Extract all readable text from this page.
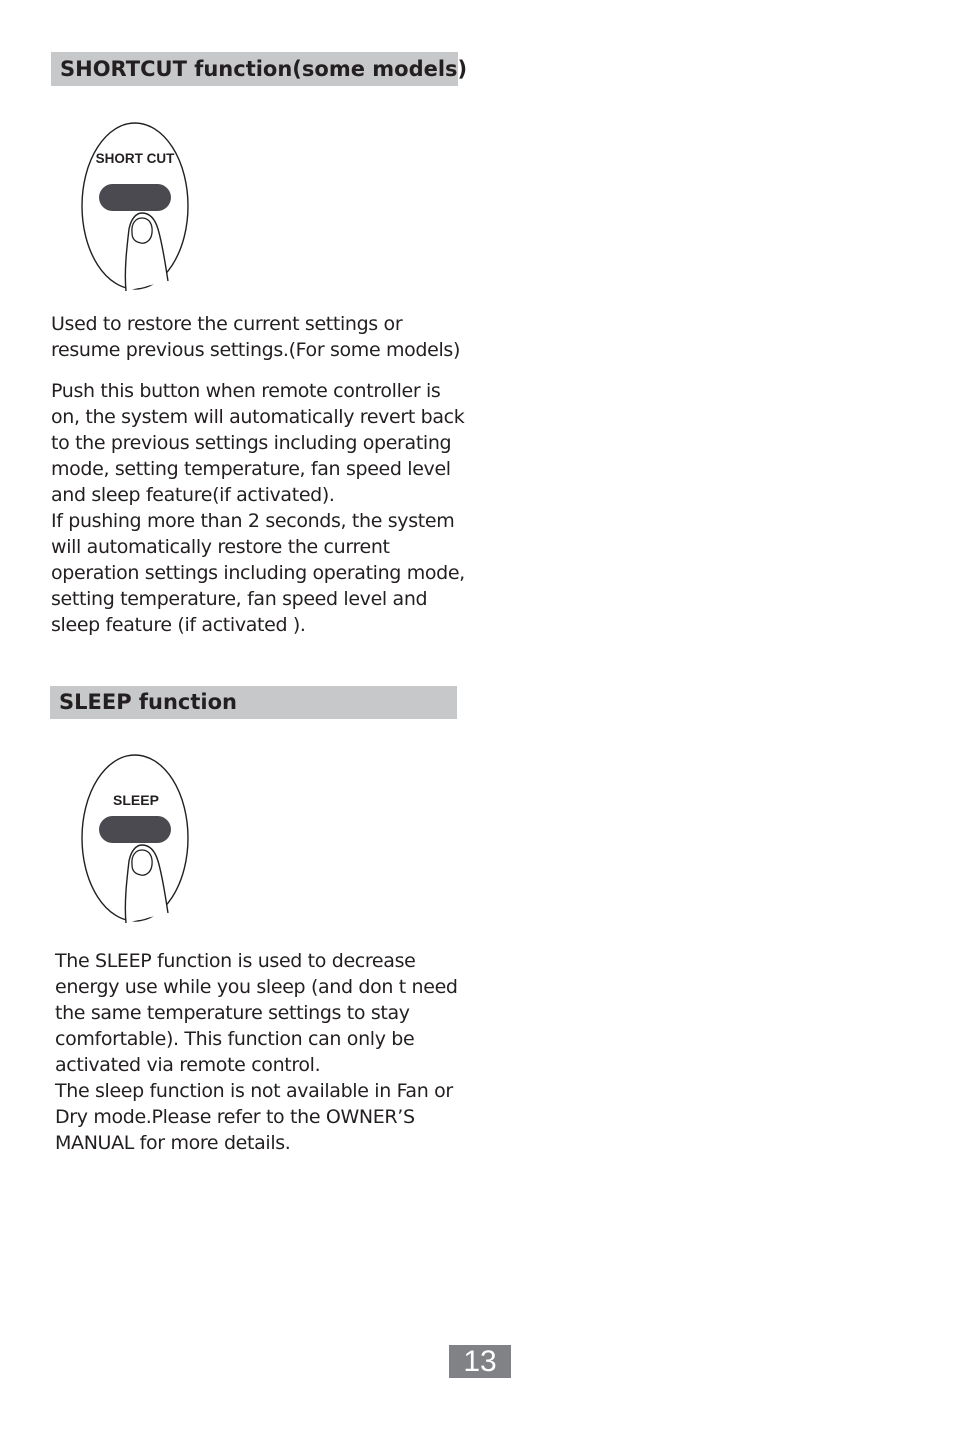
SHORTCUT function(some models)
SHORT CUT

Used to restore the current settings or
resume previous settings.(For some models)

Push this button when remote controller is
on, the system will automatically revert back
to the previous settings including operating
mode, setting temperature, fan speed level
and sleep feature(if activated).
If pushing more than 2 seconds, the system
will automatically restore the current
operation settings including operating mode,
setting temperature, fan speed level and
sleep feature (if activated ).

SLEEP function
SLEEP

The SLEEP function is used to decrease
energy use while you sleep (and don t need
the same temperature settings to stay
comfortable). This function can only be
activated via remote control.
The sleep function is not available in Fan or
Dry mode.Please refer to the OWNER’S
MANUAL for more details.

13
